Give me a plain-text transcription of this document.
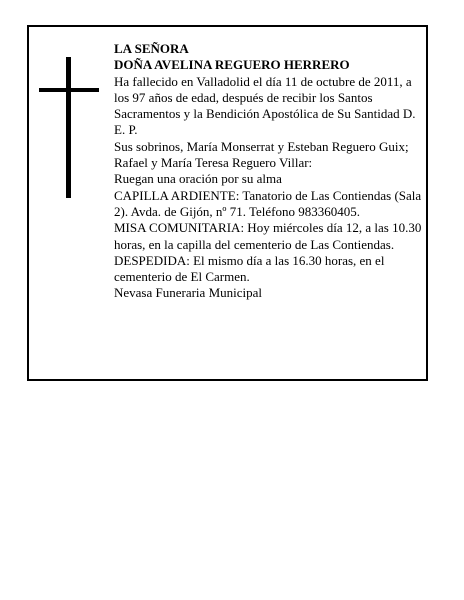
LA SEÑORA

DOÑA AVELINA REGUERO HERRERO

Ha fallecido en Valladolid el día 11 de octubre de 2011, a los 97 años de edad, después de recibir los Santos Sacramentos y la Bendición Apostólica de Su Santidad D. E. P.

Sus sobrinos, María Monserrat y Esteban Reguero Guix; Rafael y María Teresa Reguero Villar:

Ruegan una oración por su alma

CAPILLA ARDIENTE: Tanatorio de Las Contiendas (Sala 2). Avda. de Gijón, nº 71. Teléfono 983360405.

MISA COMUNITARIA: Hoy miércoles día 12, a las 10.30 horas, en la capilla del cementerio de Las Contiendas.

DESPEDIDA: El mismo día a las 16.30 horas, en el cementerio de El Carmen.

Nevasa Funeraria Municipal
